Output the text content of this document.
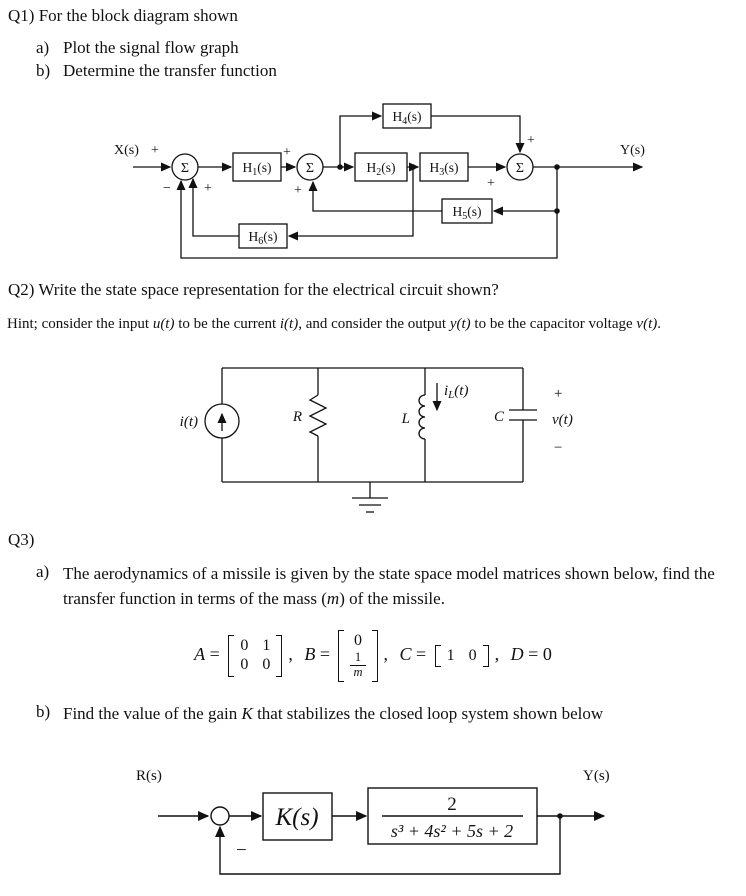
Q1) For the block diagram shown
a) Plot the signal flow graph
b) Determine the transfer function
X(s) +	Y(s)
Σ	Σ	Σ
− +
+
+	+
+
$H_1(s)$	$H_2(s)$	$H_3(s)$
$H_4(s)$
$H_5(s)$
$H_6(s)$
Q2) Write the state space representation for the electrical circuit shown?
Hint; consider the input u(t) to be the current i(t), and consider the output y(t) to be the capacitor voltage v(t).
i(t)	R	L	C
$i_L(t)$	+
v(t)
−
Q3)
a) The aerodynamics of a missile is given by the state space model matrices shown below, find the transfer function in terms of the mass (m) of the missile.
A = 0 1
0 0
, B =
0
$\frac{1}{m}$ , C = 1 0 , D = 0
b) Find the value of the gain K that stabilizes the closed loop system shown below
R(s)	Y(s)
−
K(s)	2
s³ + 4s² + 5s + 2
